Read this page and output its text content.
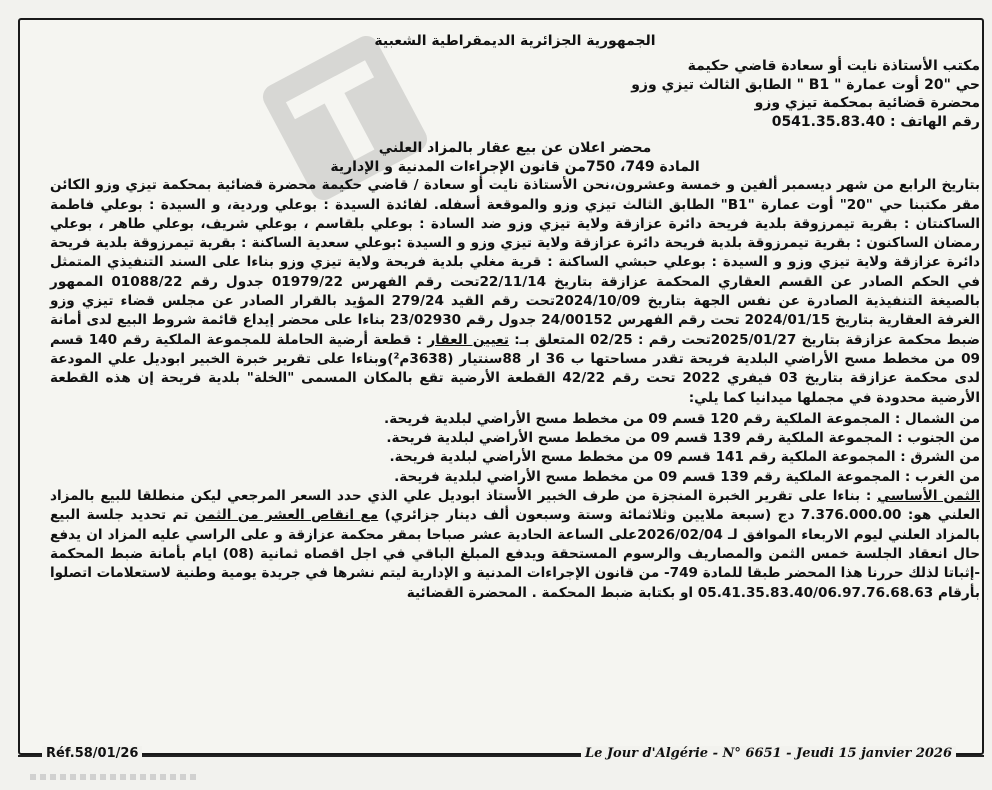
الجمهورية الجزائرية الديمقراطية الشعبية
مكتب الأستاذة نايت أو سعادة قاضي حكيمة
حي "20 أوت عمارة " B1 " الطابق الثالث تيزي وزو
محضرة قضائية بمحكمة تيزي وزو
رقم الهاتف : 0541.35.83.40
محضر اعلان عن بيع عقار بالمزاد العلني
المادة 749، 750من قانون الإجراءات المدنية و الإدارية

بتاريخ الرابع من شهر ديسمبر ألفين و خمسة وعشرون،نحن الأستاذة نايت أو سعادة / قاضي حكيمة محضرة قضائية بمحكمة تيزي وزو الكائن مقر مكتبنا حي "20" أوت عمارة "B1" الطابق الثالث تيزي وزو والموقعة أسفله. لفائدة السيدة : بوعلي وردية، و السيدة : بوعلي فاطمة الساكنتان : بقرية تيمرزوقة بلدية فريحة دائرة عزازقة ولاية تيزي وزو ضد السادة : بوعلي بلقاسم ، بوعلي شريف، بوعلي طاهر ، بوعلي رمضان الساكنون : بقرية تيمرزوقة بلدية فريحة دائرة عزازقة ولاية تيزي وزو و السيدة :بوعلي سعدية الساكنة : بقرية تيمرزوقة بلدية فريحة دائرة عزازقة ولاية تيزي وزو و السيدة : بوعلي حبشي الساكنة : قرية مغلي بلدية فريحة ولاية تيزي وزو بناءا على السند التنفيذي المتمثل في الحكم الصادر عن القسم العقاري المحكمة عزازقة بتاريخ 22/11/14تحت رقم الفهرس 01979/22 جدول رقم 01088/22 الممهور بالصيغة التنفيذية الصادرة عن نفس الجهة بتاريخ 2024/10/09تحت رقم القيد 279/24 المؤيد بالقرار الصادر عن مجلس قضاء تيزي وزو الغرفة العقارية بتاريخ 2024/01/15 تحت رقم الفهرس 24/00152 جدول رقم 23/02930 بناءا على محضر إيداع قائمة شروط البيع لدى أمانة ضبط محكمة عزازقة بتاريخ 2025/01/27تحت رقم : 02/25 المتعلق بـ: تعيين العقار : قطعة أرضية الحاملة للمجموعة الملكية رقم 140 قسم 09 من مخطط مسح الأراضي البلدية فريحة تقدر مساحتها ب 36 ار 88سنتيار (3638م²)وبناءا على تقرير خبرة الخبير ابوديل علي المودعة لدى محكمة عزازقة بتاريخ 03 فيفري 2022 تحت رقم 42/22 القطعة الأرضية تقع بالمكان المسمى "الخلة" بلدية فريحة إن هذه القطعة الأرضية محدودة في مجملها ميدانيا كما يلي:

من الشمال : المجموعة الملكية رقم 120 قسم 09 من مخطط مسح الأراضي لبلدية فريحة.
من الجنوب : المجموعة الملكية رقم 139 قسم 09 من مخطط مسح الأراضي لبلدية فريحة.
من الشرق : المجموعة الملكية رقم 141 قسم 09 من مخطط مسح الأراضي لبلدية فريحة.
من الغرب : المجموعة الملكية رقم 139 قسم 09 من مخطط مسح الأراضي لبلدية فريحة.

الثمن الأساسي : بناءا على تقرير الخبرة المنجزة من طرف الخبير الأستاذ ابوديل علي الذي حدد السعر المرجعي ليكن منطلقا للبيع بالمزاد العلني هو: 7.376.000.00 دج (سبعة ملايين وثلاثمائة وستة وسبعون ألف دينار جزائري) مع انقاص العشر من الثمن تم تحديد جلسة البيع بالمزاد العلني ليوم الاربعاء الموافق لـ 2026/02/04على الساعة الحادية عشر صباحا بمقر محكمة عزازقة و على الراسي عليه المزاد ان يدفع حال انعقاد الجلسة خمس الثمن والمصاريف والرسوم المستحقة ويدفع المبلغ الباقي في اجل اقصاه ثمانية (08) ايام بأمانة ضبط المحكمة -إثباتا لذلك حررنا هذا المحضر طبقا للمادة 749- من قانون الإجراءات المدنية و الإدارية ليتم نشرها في جريدة يومية وطنية لاستعلامات اتصلوا بأرقام 05.41.35.83.40/06.97.76.68.63 او بكتابة ضبط المحكمة . المحضرة القضائية

Réf.58/01/26	Le Jour d'Algérie - N° 6651 - Jeudi 15 janvier 2026
